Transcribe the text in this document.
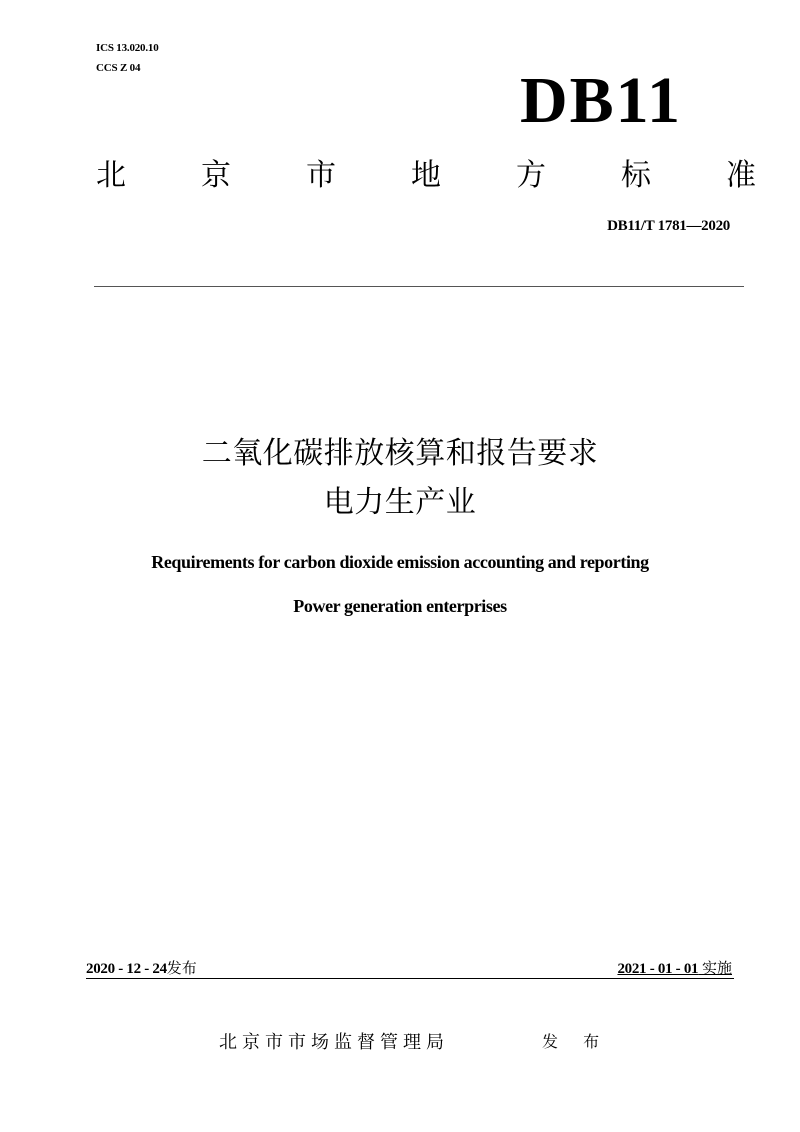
ICS 13.020.10
CCS Z 04	DB11
北	京	市	地	方	标	准
DB11/T 1781—2020
二氧化碳排放核算和报告要求
电力生产业
Requirements for carbon dioxide emission accounting and reporting
Power generation enterprises
2020 - 12 - 24发布	2021 - 01 - 01 实施
北京市市场监督管理局	发 布
